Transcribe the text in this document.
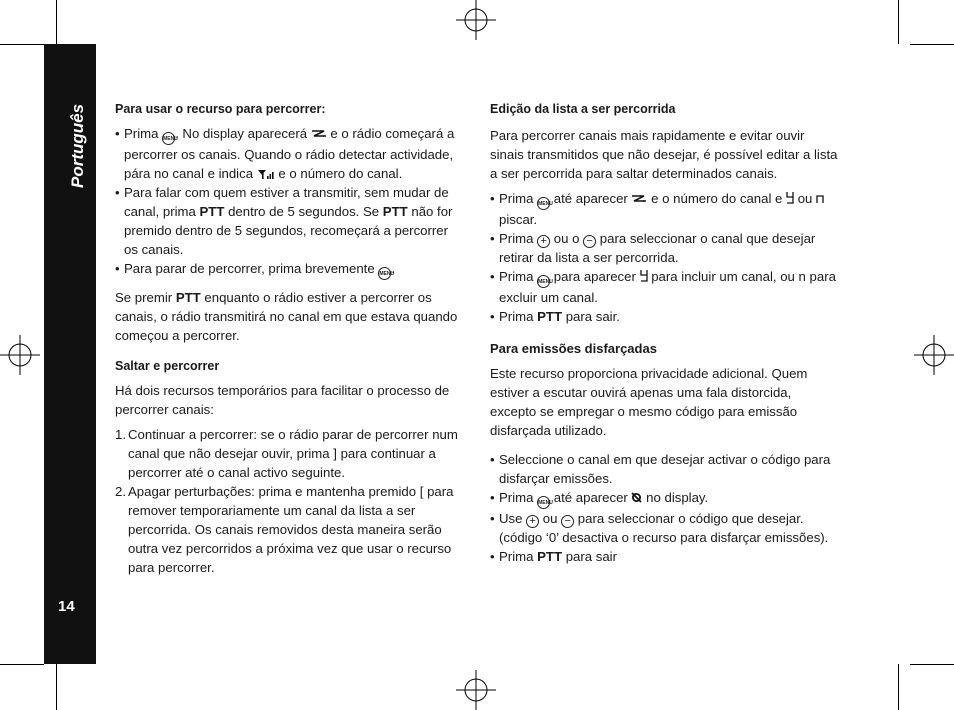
Português
14
Para usar o recurso para percorrer:
• Prima MENU. No display aparecerá  e o rádio começará a percorrer os canais. Quando o rádio detectar actividade, pára no canal e indica  e o número do canal.
• Para falar com quem estiver a transmitir, sem mudar de canal, prima PTT dentro de 5 segundos. Se PTT não for premido dentro de 5 segundos, recomeçará a percorrer os canais.
• Para parar de percorrer, prima brevemente MENU.

Se premir PTT enquanto o rádio estiver a percorrer os canais, o rádio transmitirá no canal em que estava quando começou a percorrer.

Saltar e percorrer

Há dois recursos temporários para facilitar o processo de percorrer canais:

1. Continuar a percorrer: se o rádio parar de percorrer num canal que não desejar ouvir, prima ] para continuar a percorrer até o canal activo seguinte.
2. Apagar perturbações: prima e mantenha premido [ para remover temporariamente um canal da lista a ser percorrida. Os canais removidos desta maneira serão outra vez percorridos a próxima vez que usar o recurso para percorrer.
Edição da lista a ser percorrida

Para percorrer canais mais rapidamente e evitar ouvir sinais transmitidos que não desejar, é possível editar a lista a ser percorrida para saltar determinados canais.

• Prima MENU até aparecer  e o número do canal e  ou  piscar.
• Prima + ou o − para seleccionar o canal que desejar retirar da lista a ser percorrida.
• Prima MENU para aparecer  para incluir um canal, ou n para excluir um canal.
• Prima PTT para sair.
Para emissões disfarçadas

Este recurso proporciona privacidade adicional. Quem estiver a escutar ouvirá apenas uma fala distorcida, excepto se empregar o mesmo código para emissão disfarçada utilizado.

• Seleccione o canal em que desejar activar o código para disfarçar emissões.
• Prima MENU até aparecer  no display.
• Use + ou − para seleccionar o código que desejar. (código ‘0’ desactiva o recurso para disfarçar emissões).
• Prima PTT para sair
